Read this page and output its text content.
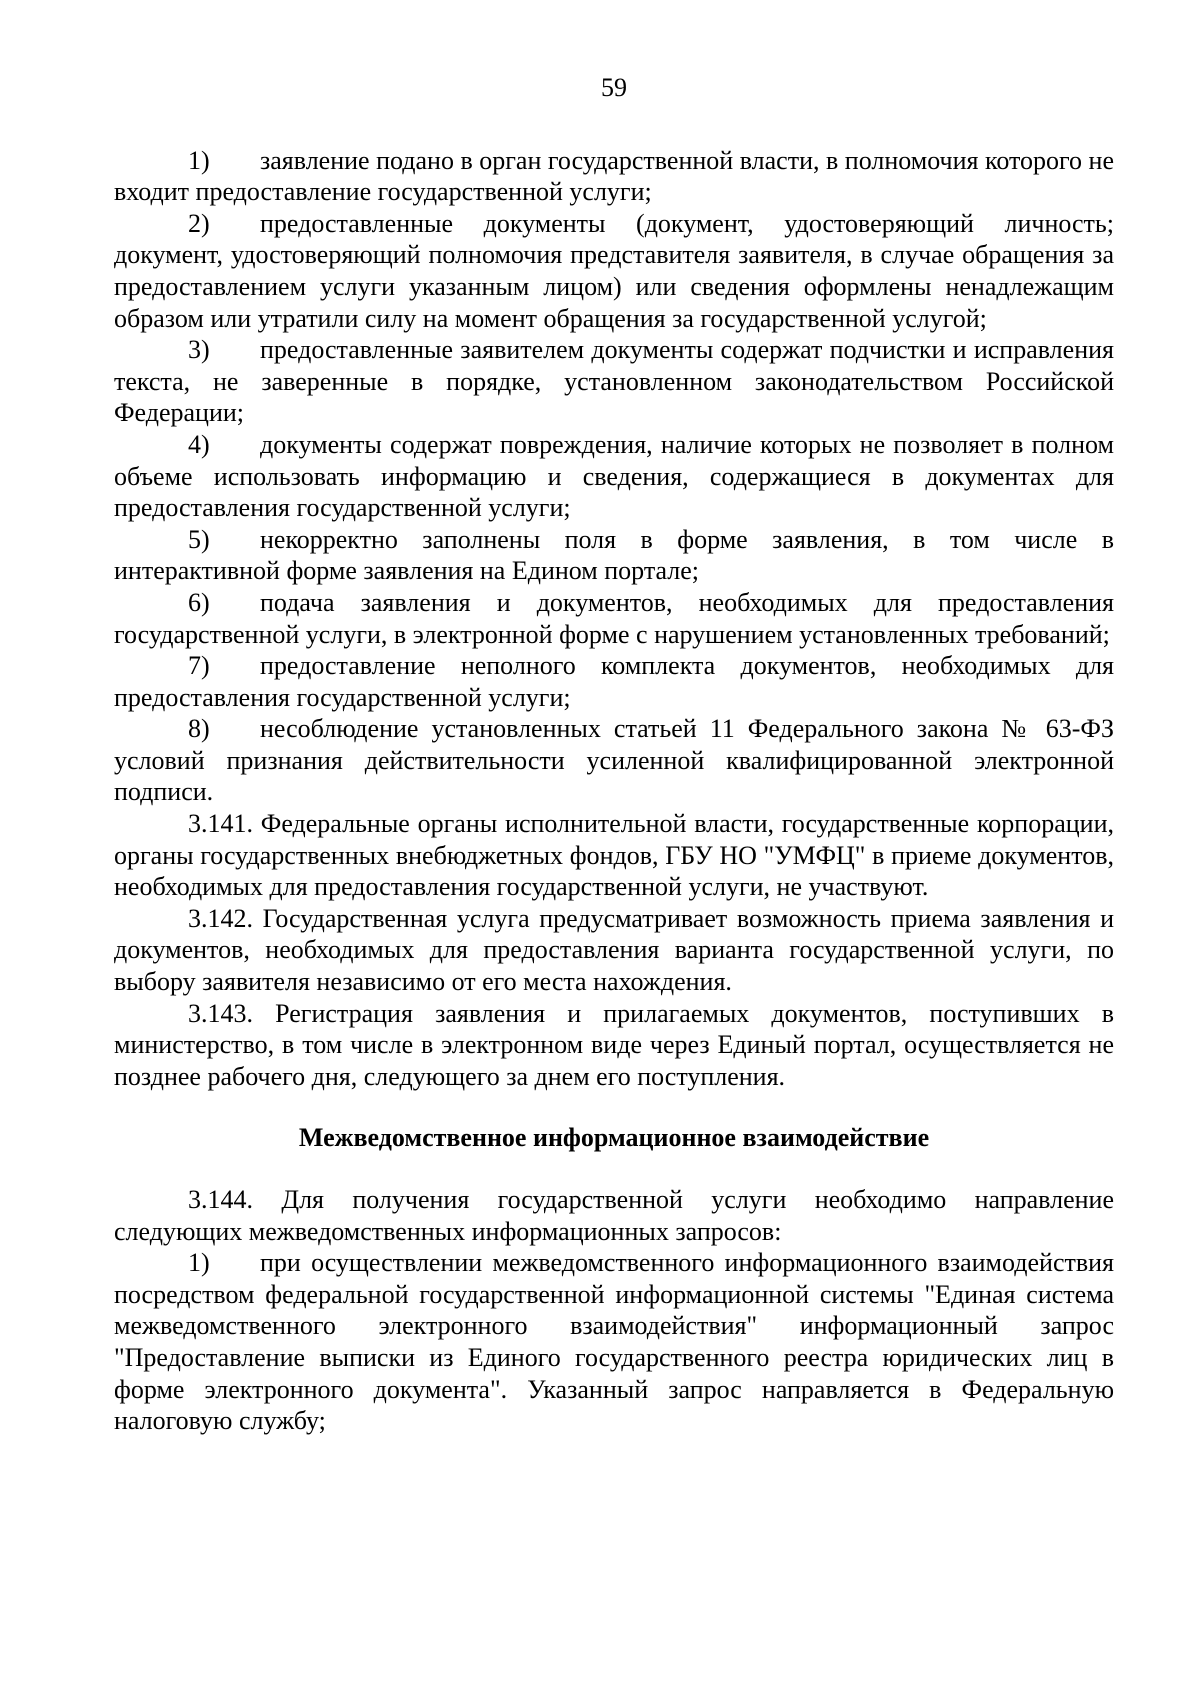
59

1) заявление подано в орган государственной власти, в полномочия которого не входит предоставление государственной услуги;

2) предоставленные документы (документ, удостоверяющий личность; документ, удостоверяющий полномочия представителя заявителя, в случае обращения за предоставлением услуги указанным лицом) или сведения оформлены ненадлежащим образом или утратили силу на момент обращения за государственной услугой;

3) предоставленные заявителем документы содержат подчистки и исправления текста, не заверенные в порядке, установленном законодательством Российской Федерации;

4) документы содержат повреждения, наличие которых не позволяет в полном объеме использовать информацию и сведения, содержащиеся в документах для предоставления государственной услуги;

5) некорректно заполнены поля в форме заявления, в том числе в интерактивной форме заявления на Едином портале;

6) подача заявления и документов, необходимых для предоставления государственной услуги, в электронной форме с нарушением установленных требований;

7) предоставление неполного комплекта документов, необходимых для предоставления государственной услуги;

8) несоблюдение установленных статьей 11 Федерального закона № 63-ФЗ условий признания действительности усиленной квалифицированной электронной подписи.

3.141. Федеральные органы исполнительной власти, государственные корпорации, органы государственных внебюджетных фондов, ГБУ НО "УМФЦ" в приеме документов, необходимых для предоставления государственной услуги, не участвуют.

3.142. Государственная услуга предусматривает возможность приема заявления и документов, необходимых для предоставления варианта государственной услуги, по выбору заявителя независимо от его места нахождения.

3.143. Регистрация заявления и прилагаемых документов, поступивших в министерство, в том числе в электронном виде через Единый портал, осуществляется не позднее рабочего дня, следующего за днем его поступления.

Межведомственное информационное взаимодействие

3.144. Для получения государственной услуги необходимо направление следующих межведомственных информационных запросов:

1) при осуществлении межведомственного информационного взаимодействия посредством федеральной государственной информационной системы "Единая система межведомственного электронного взаимодействия" информационный запрос "Предоставление выписки из Единого государственного реестра юридических лиц в форме электронного документа". Указанный запрос направляется в Федеральную налоговую службу;
